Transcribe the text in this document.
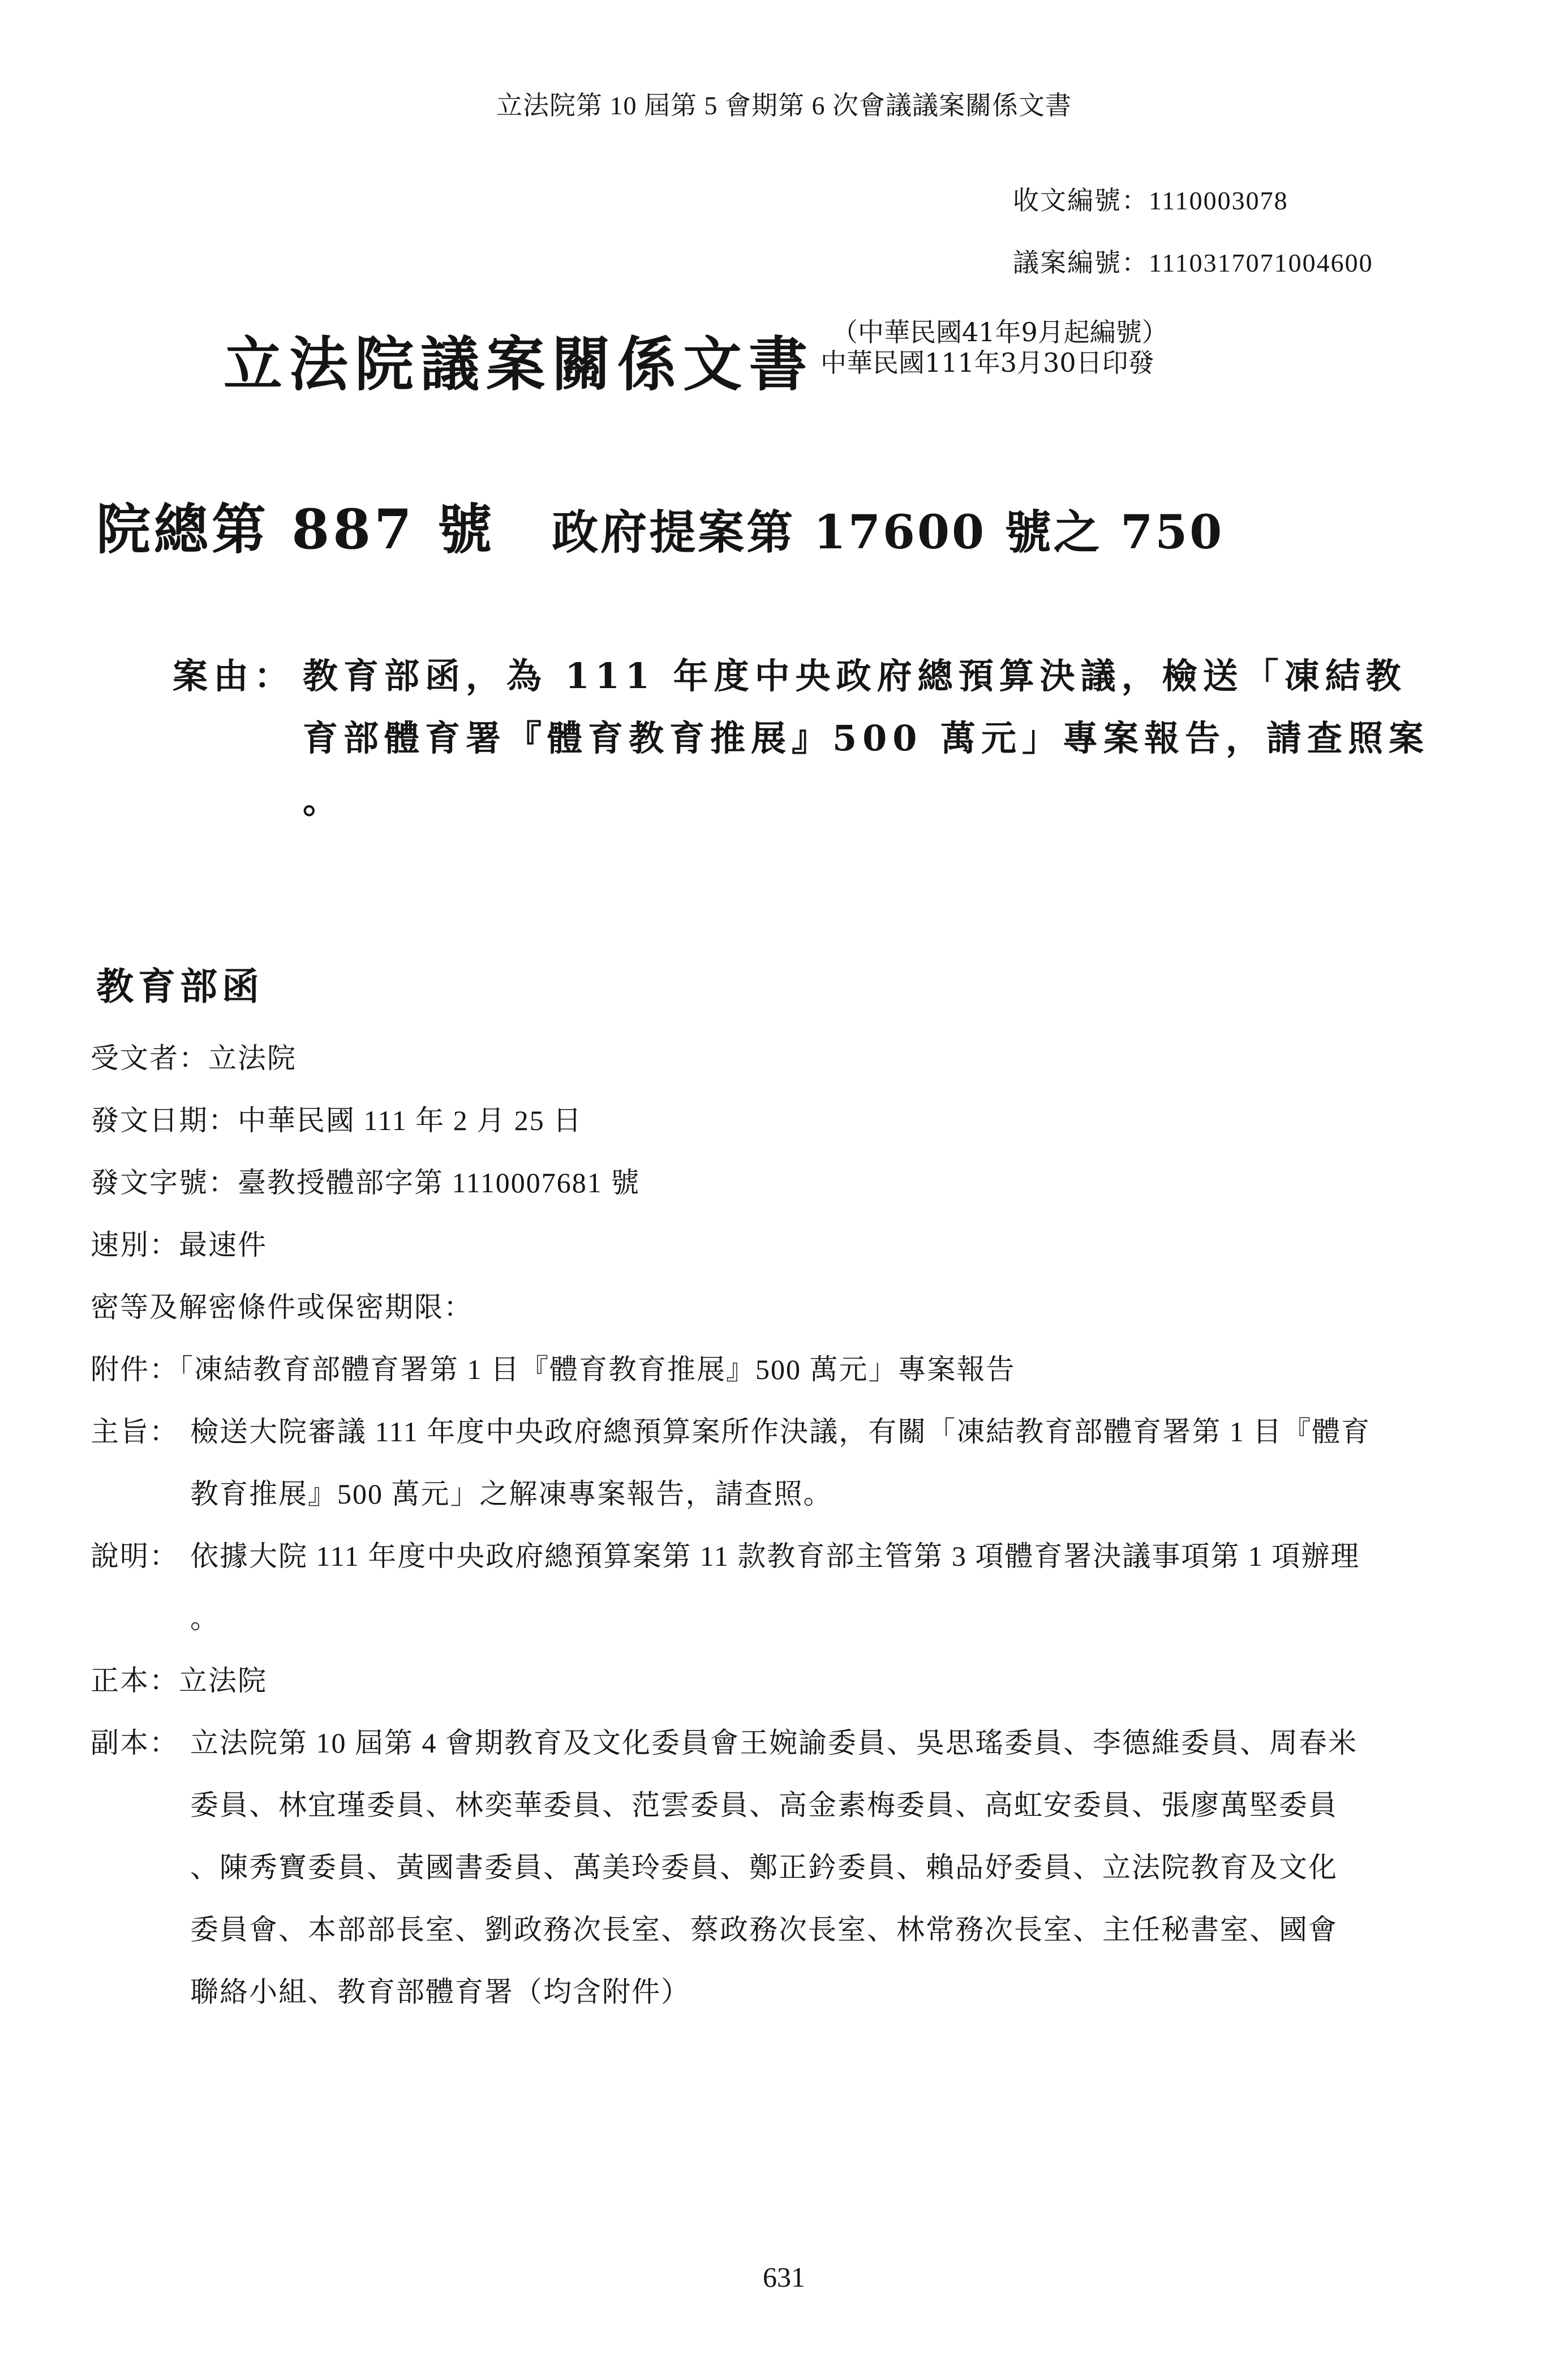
立法院第 10 屆第 5 會期第 6 次會議議案關係文書
收文編號：1110003078
議案編號：1110317071004600
立法院議案關係文書 （中華民國41年9月起編號）
中華民國111年3月30日印發
院總第 887 號 政府提案第 17600 號之 750
案由： 教育部函，為 111 年度中央政府總預算決議，檢送「凍結教
育部體育署『體育教育推展』500 萬元」專案報告，請查照案
。
教育部函
受文者：立法院
發文日期：中華民國 111 年 2 月 25 日
發文字號：臺教授體部字第 1110007681 號
速別：最速件
密等及解密條件或保密期限：
附件：「凍結教育部體育署第 1 目『體育教育推展』500 萬元」專案報告
主旨： 檢送大院審議 111 年度中央政府總預算案所作決議，有關「凍結教育部體育署第 1 目『體育
教育推展』500 萬元」之解凍專案報告，請查照。
說明： 依據大院 111 年度中央政府總預算案第 11 款教育部主管第 3 項體育署決議事項第 1 項辦理
。
正本：立法院
副本： 立法院第 10 屆第 4 會期教育及文化委員會王婉諭委員、吳思瑤委員、李德維委員、周春米
委員、林宜瑾委員、林奕華委員、范雲委員、高金素梅委員、高虹安委員、張廖萬堅委員
、陳秀寶委員、黃國書委員、萬美玲委員、鄭正鈐委員、賴品妤委員、立法院教育及文化
委員會、本部部長室、劉政務次長室、蔡政務次長室、林常務次長室、主任秘書室、國會
聯絡小組、教育部體育署（均含附件）
631
